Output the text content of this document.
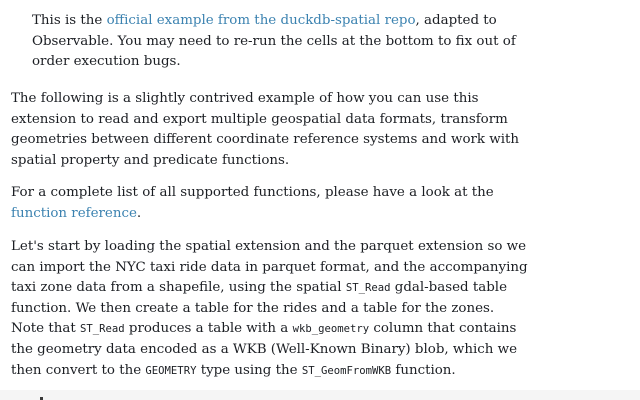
This is the official example from the duckdb-spatial repo, adapted to Observable. You may need to re-run the cells at the bottom to fix out of order execution bugs.

The following is a slightly contrived example of how you can use this extension to read and export multiple geospatial data formats, transform geometries between different coordinate reference systems and work with spatial property and predicate functions.

For a complete list of all supported functions, please have a look at the function reference.

Let's start by loading the spatial extension and the parquet extension so we can import the NYC taxi ride data in parquet format, and the accompanying taxi zone data from a shapefile, using the spatial ST_Read gdal-based table function. We then create a table for the rides and a table for the zones. Note that ST_Read produces a table with a wkb_geometry column that contains the geometry data encoded as a WKB (Well-Known Binary) blob, which we then convert to the GEOMETRY type using the ST_GeomFromWKB function.
